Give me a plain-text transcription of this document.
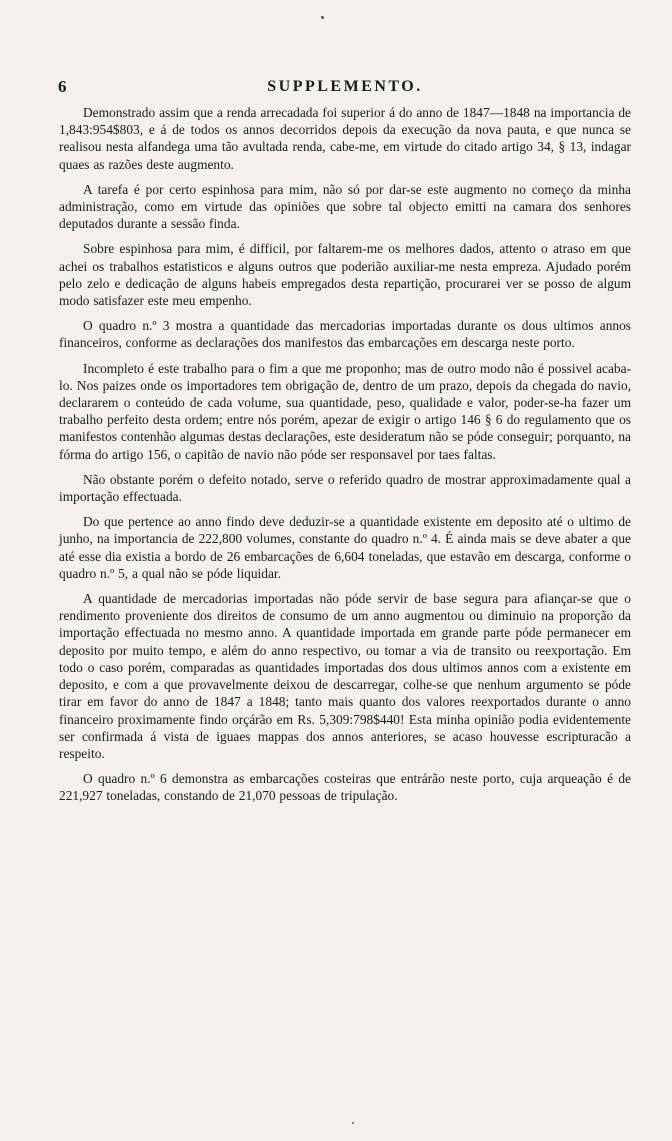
6	SUPPLEMENTO.

Demonstrado assim que a renda arrecadada foi superior á do anno de 1847—1848 na importancia de 1,843:954$803, e á de todos os annos decorridos depois da execução da nova pauta, e que nunca se realisou nesta alfandega uma tão avultada renda, cabe-me, em virtude do citado artigo 34, § 13, indagar quaes as razões deste augmento.

A tarefa é por certo espinhosa para mim, não só por dar-se este augmento no começo da minha administração, como em virtude das opiniões que sobre tal objecto emitti na camara dos senhores deputados durante a sessão finda.

Sobre espinhosa para mim, é difficil, por faltarem-me os melhores dados, attento o atraso em que achei os trabalhos estatisticos e alguns outros que poderião auxiliar-me nesta empreza. Ajudado porém pelo zelo e dedicação de alguns habeis empregados desta repartição, procurarei ver se posso de algum modo satisfazer este meu empenho.

O quadro n.º 3 mostra a quantidade das mercadorias importadas durante os dous ultimos annos financeiros, conforme as declarações dos manifestos das embarcações em descarga neste porto.

Incompleto é este trabalho para o fim a que me proponho; mas de outro modo não é possivel acaba-lo. Nos paizes onde os importadores tem obrigação de, dentro de um prazo, depois da chegada do navio, declararem o conteúdo de cada volume, sua quantidade, peso, qualidade e valor, poder-se-ha fazer um trabalho perfeito desta ordem; entre nós porém, apezar de exigir o artigo 146 § 6 do regulamento que os manifestos contenhão algumas destas declarações, este desideratum não se póde conseguir; porquanto, na fórma do artigo 156, o capitão de navio não póde ser responsavel por taes faltas.

Não obstante porém o defeito notado, serve o referido quadro de mostrar approximadamente qual a importação effectuada.

Do que pertence ao anno findo deve deduzir-se a quantidade existente em deposito até o ultimo de junho, na importancia de 222,800 volumes, constante do quadro n.º 4. É ainda mais se deve abater a que até esse dia existia a bordo de 26 embarcações de 6,604 toneladas, que estavão em descarga, conforme o quadro n.º 5, a qual não se póde liquidar.

A quantidade de mercadorias importadas não póde servir de base segura para afiançar-se que o rendimento proveniente dos direitos de consumo de um anno augmentou ou diminuio na proporção da importação effectuada no mesmo anno. A quantidade importada em grande parte póde permanecer em deposito por muito tempo, e além do anno respectivo, ou tomar a via de transito ou reexportação. Em todo o caso porém, comparadas as quantidades importadas dos dous ultimos annos com a existente em deposito, e com a que provavelmente deixou de descarregar, colhe-se que nenhum argumento se póde tirar em favor do anno de 1847 a 1848; tanto mais quanto dos valores reexportados durante o anno financeiro proximamente findo orçárão em Rs. 5,309:798$440! Esta minha opinião podia evidentemente ser confirmada á vista de iguaes mappas dos annos anteriores, se acaso houvesse escripturacão a respeito.

O quadro n.º 6 demonstra as embarcações costeiras que entrárão neste porto, cuja arqueação é de 221,927 toneladas, constando de 21,070 pessoas de tripulação.
